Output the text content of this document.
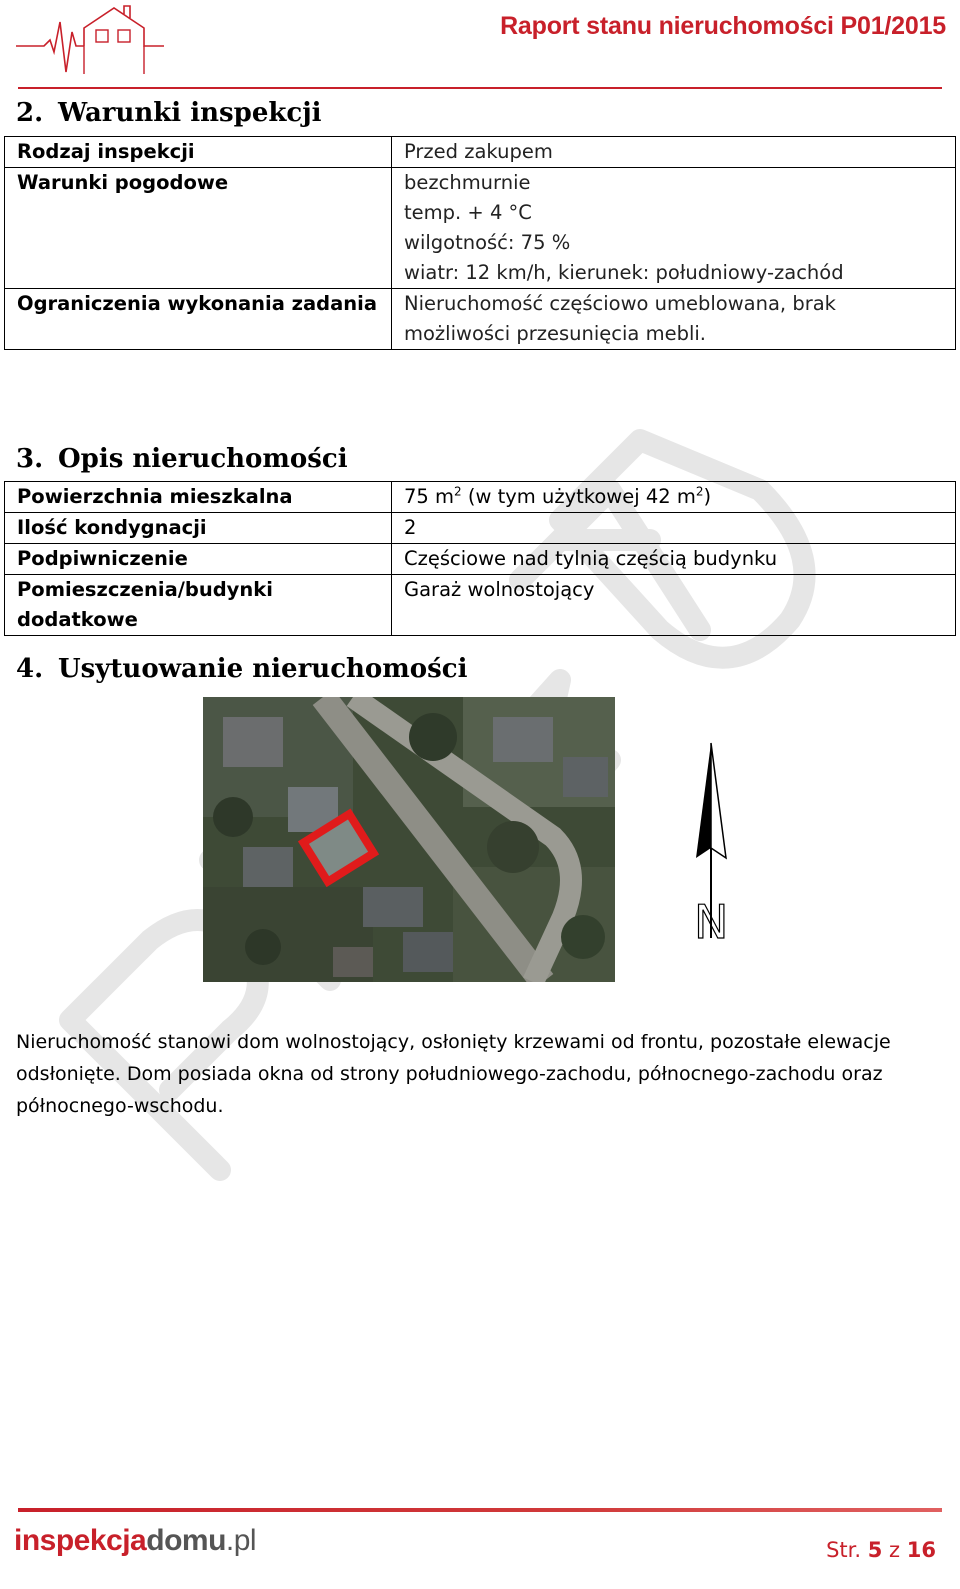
Raport stanu nieruchomości P01/2015
2. Warunki inspekcji
Rodzaj inspekcji	Przed zakupem
Warunki pogodowe	bezchmurnie
temp. + 4 °C
wilgotność: 75 %
wiatr: 12 km/h, kierunek: południowy-zachód

Ograniczenia wykonania zadania	Nieruchomość częściowo umeblowana, brak
możliwości przesunięcia mebli.
3. Opis nieruchomości
Powierzchnia mieszkalna	75 $m^2$ (w tym użytkowej 42 $m^2$)
Ilość kondygnacji	2
Podpiwniczenie	Częściowe nad tylnią częścią budynku
Pomieszczenia/budynki dodatkowe	Garaż wolnostojący
4. Usytuowanie nieruchomości
N
Nieruchomość stanowi dom wolnostojący, osłonięty krzewami od frontu, pozostałe elewacje
odsłonięte. Dom posiada okna od strony południowego-zachodu, północnego-zachodu oraz
północnego-wschodu.
inspekcjadomu.pl	Str. 5 z 16
